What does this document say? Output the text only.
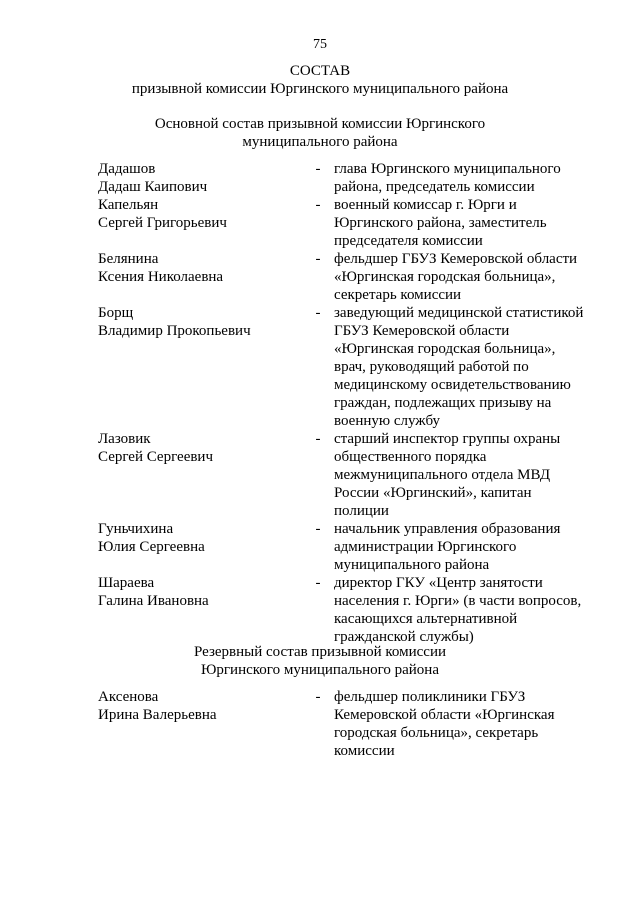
75
СОСТАВ
призывной комиссии Юргинского муниципального района
Основной состав призывной комиссии Юргинского
муниципального района
Дадашов
Дадаш Каипович
- глава Юргинского муниципального
района, председатель комиссии
Капельян
Сергей Григорьевич
- военный комиссар г. Юрги и
Юргинского района, заместитель
председателя комиссии
Белянина
Ксения Николаевна
- фельдшер ГБУЗ Кемеровской области
«Юргинская городская больница»,
секретарь комиссии
Борщ
Владимир Прокопьевич
- заведующий медицинской статистикой
ГБУЗ Кемеровской области
«Юргинская городская больница»,
врач, руководящий работой по
медицинскому освидетельствованию
граждан, подлежащих призыву на
военную службу
Лазовик
Сергей Сергеевич
- старший инспектор группы охраны
общественного порядка
межмуниципального отдела МВД
России «Юргинский», капитан
полиции
Гуньчихина
Юлия Сергеевна
- начальник управления образования
администрации Юргинского
муниципального района
Шараева
Галина Ивановна
- директор ГКУ «Центр занятости
населения г. Юрги» (в части вопросов,
касающихся альтернативной
гражданской службы)
Резервный состав призывной комиссии
Юргинского муниципального района
Аксенова
Ирина Валерьевна
- фельдшер поликлиники ГБУЗ
Кемеровской области «Юргинская
городская больница», секретарь
комиссии
